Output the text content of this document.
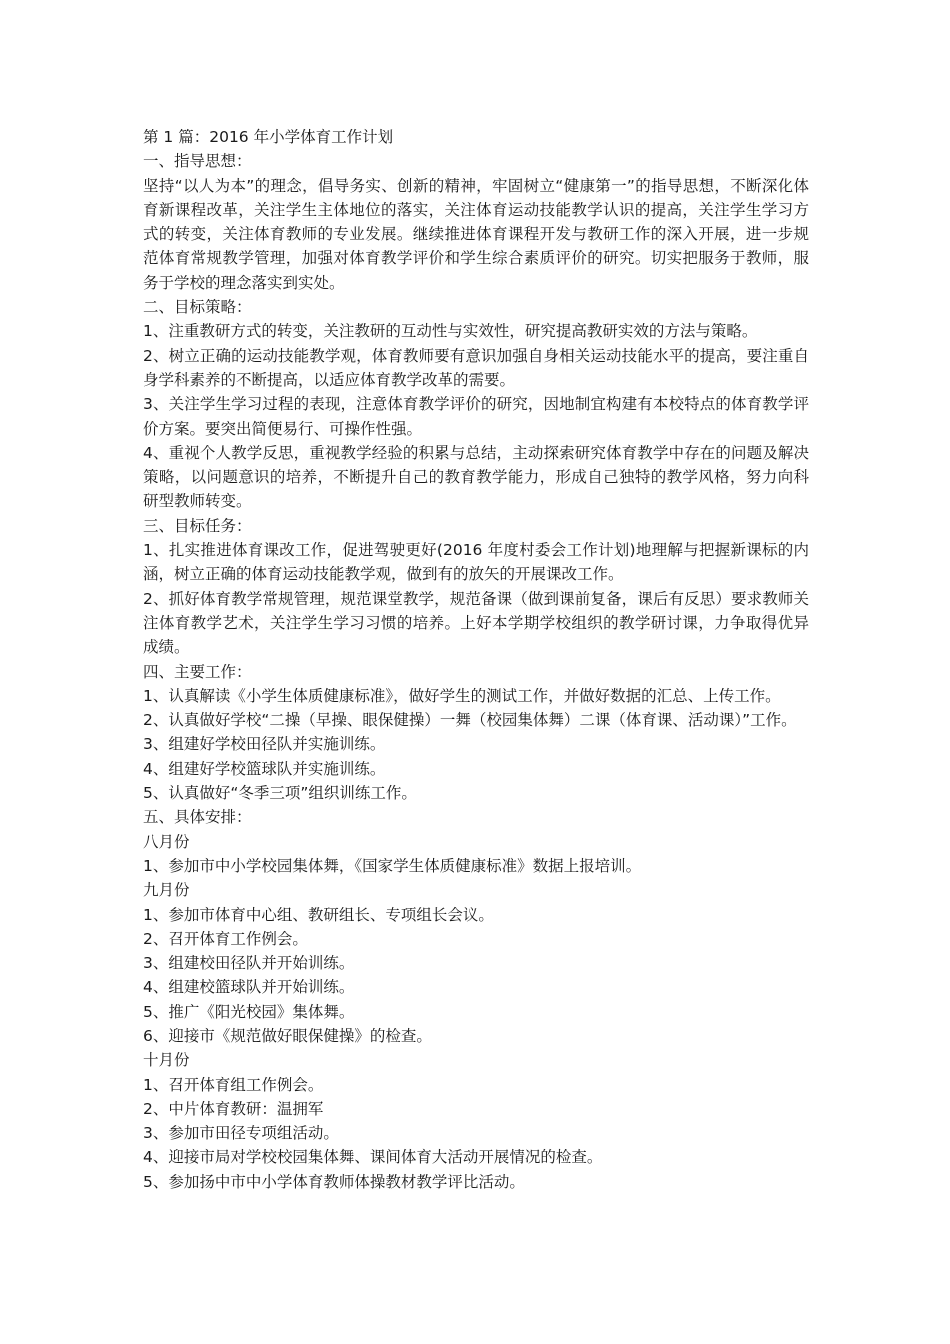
第 1 篇：2016 年小学体育工作计划

一、指导思想：

坚持“以人为本”的理念，倡导务实、创新的精神，牢固树立“健康第一”的指导思想，不断深化体育新课程改革，关注学生主体地位的落实，关注体育运动技能教学认识的提高，关注学生学习方式的转变，关注体育教师的专业发展。继续推进体育课程开发与教研工作的深入开展，进一步规范体育常规教学管理，加强对体育教学评价和学生综合素质评价的研究。切实把服务于教师，服务于学校的理念落实到实处。

二、目标策略：

1、注重教研方式的转变，关注教研的互动性与实效性，研究提高教研实效的方法与策略。

2、树立正确的运动技能教学观，体育教师要有意识加强自身相关运动技能水平的提高，要注重自身学科素养的不断提高，以适应体育教学改革的需要。

3、关注学生学习过程的表现，注意体育教学评价的研究，因地制宜构建有本校特点的体育教学评价方案。要突出简便易行、可操作性强。

4、重视个人教学反思，重视教学经验的积累与总结，主动探索研究体育教学中存在的问题及解决策略，以问题意识的培养，不断提升自己的教育教学能力，形成自己独特的教学风格，努力向科研型教师转变。

三、目标任务：

1、扎实推进体育课改工作，促进驾驶更好(2016 年度村委会工作计划)地理解与把握新课标的内涵，树立正确的体育运动技能教学观，做到有的放矢的开展课改工作。

2、抓好体育教学常规管理，规范课堂教学，规范备课（做到课前复备，课后有反思）要求教师关注体育教学艺术，关注学生学习习惯的培养。上好本学期学校组织的教学研讨课，力争取得优异成绩。

四、主要工作：

1、认真解读《小学生体质健康标准》，做好学生的测试工作，并做好数据的汇总、上传工作。

2、认真做好学校“二操（早操、眼保健操）一舞（校园集体舞）二课（体育课、活动课）”工作。

3、组建好学校田径队并实施训练。

4、组建好学校篮球队并实施训练。

5、认真做好“冬季三项”组织训练工作。

五、具体安排：

八月份

1、参加市中小学校园集体舞，《国家学生体质健康标准》数据上报培训。

九月份

1、参加市体育中心组、教研组长、专项组长会议。

2、召开体育工作例会。

3、组建校田径队并开始训练。

4、组建校篮球队并开始训练。

5、推广《阳光校园》集体舞。

6、迎接市《规范做好眼保健操》的检查。

十月份

1、召开体育组工作例会。

2、中片体育教研：温拥军

3、参加市田径专项组活动。

4、迎接市局对学校校园集体舞、课间体育大活动开展情况的检查。

5、参加扬中市中小学体育教师体操教材教学评比活动。
